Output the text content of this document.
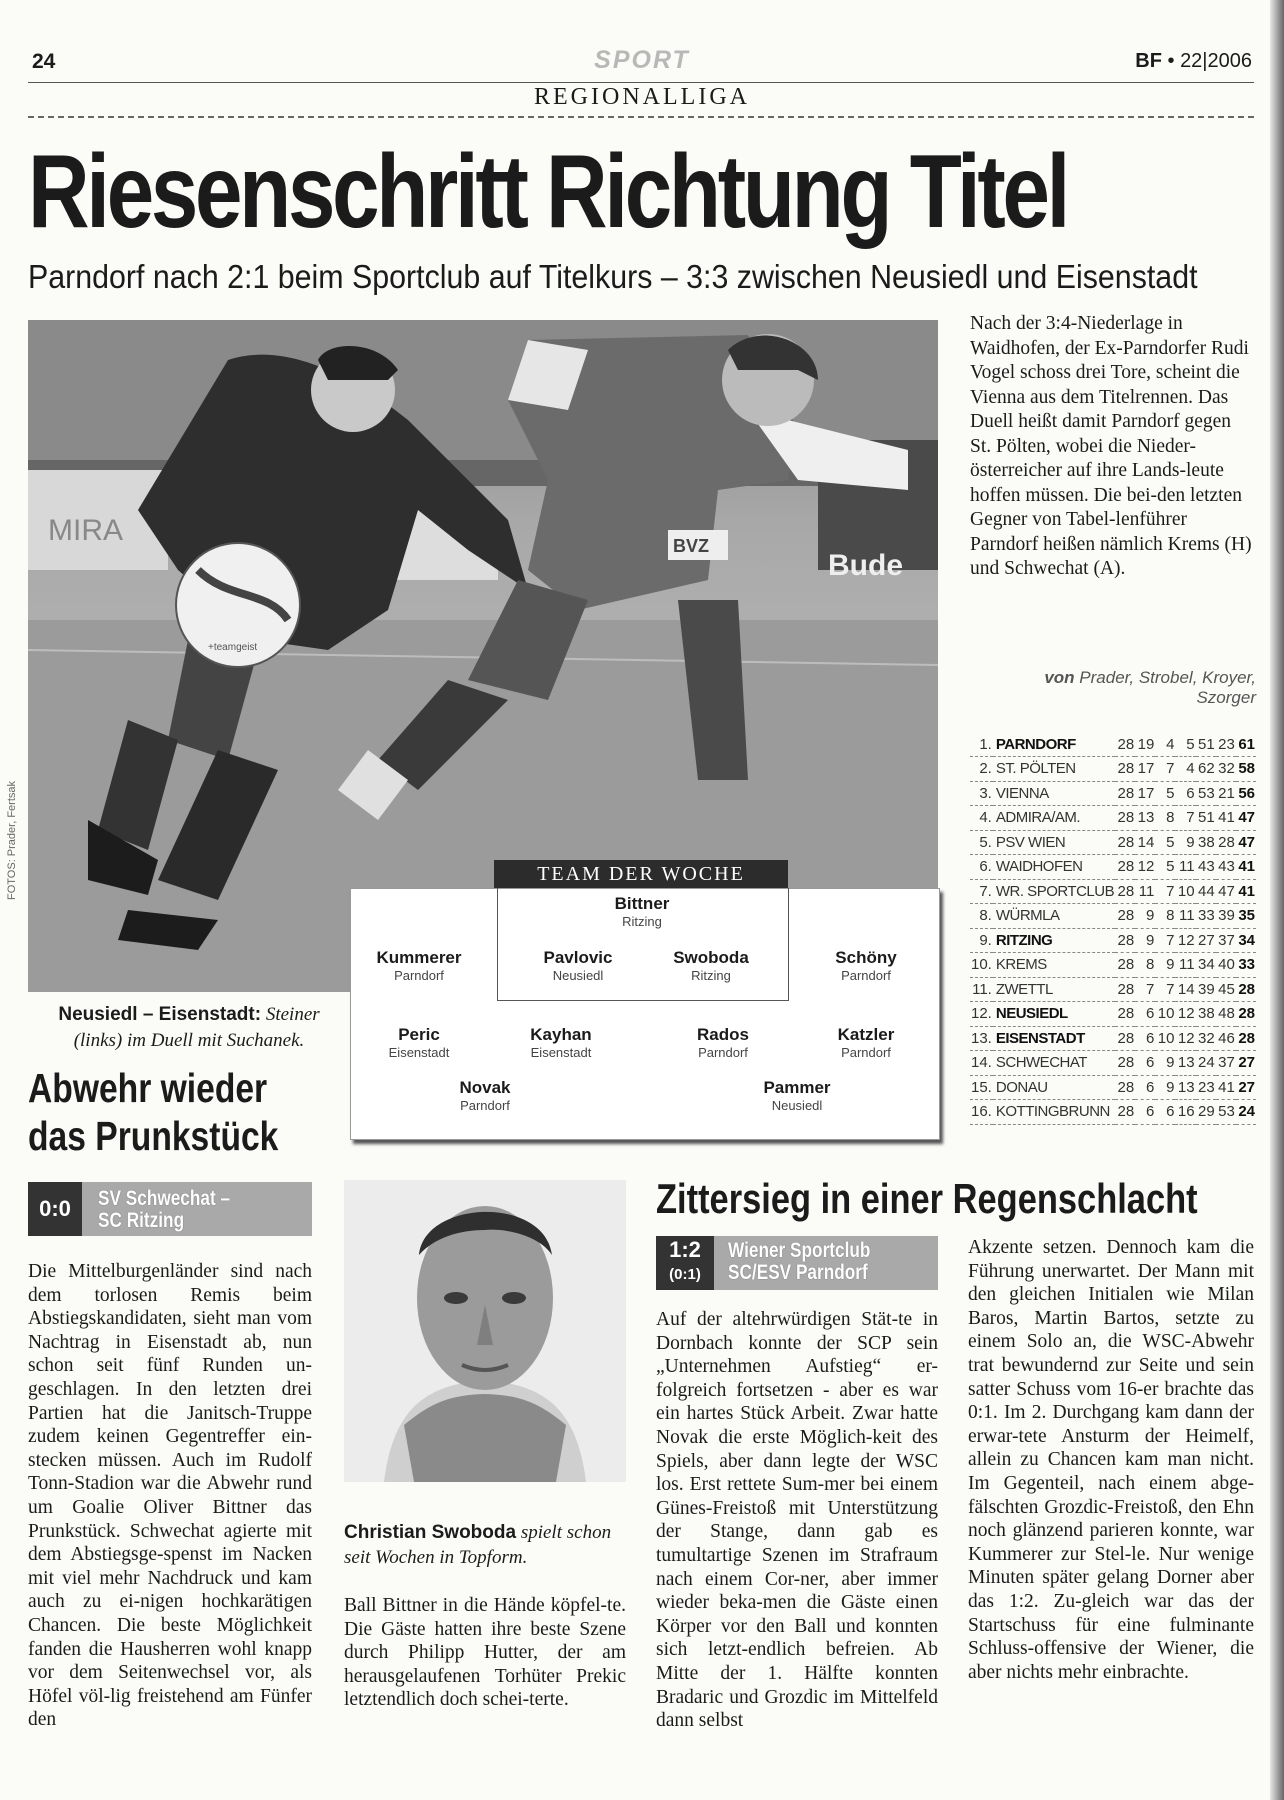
24	SPORT	BF • 22|2006
REGIONALLIGA
Riesenschritt Richtung Titel
Parndorf nach 2:1 beim Sportclub auf Titelkurs – 3:3 zwischen Neusiedl und Eisenstadt
MIRA
Bude
+teamgeist
BVZ
FOTOS: Prader, Fertsak
Neusiedl – Eisenstadt: Steiner (links) im Duell mit Suchanek.
Nach der 3:4-Niederlage in Waidhofen, der Ex-Parndorfer Rudi Vogel schoss drei Tore, scheint die Vienna aus dem Titelrennen. Das Duell heißt damit Parndorf gegen St. Pölten, wobei die Nieder-österreicher auf ihre Lands-leute hoffen müssen. Die bei-den letzten Gegner von Tabel-lenführer Parndorf heißen nämlich Krems (H) und Schwechat (A).
von Prader, Strobel, Kroyer, Szorger
1.	PARNDORF	28	19	4	5	51	23	61
2.	ST. PÖLTEN	28	17	7	4	62	32	58
3.	VIENNA	28	17	5	6	53	21	56
4.	ADMIRA/AM.	28	13	8	7	51	41	47
5.	PSV WIEN	28	14	5	9	38	28	47
6.	WAIDHOFEN	28	12	5	11	43	43	41
7.	WR. SPORTCLUB	28	11	7	10	44	47	41
8.	WÜRMLA	28	9	8	11	33	39	35
9.	RITZING	28	9	7	12	27	37	34
10.	KREMS	28	8	9	11	34	40	33
11.	ZWETTL	28	7	7	14	39	45	28
12.	NEUSIEDL	28	6	10	12	38	48	28
13.	EISENSTADT	28	6	10	12	32	46	28
14.	SCHWECHAT	28	6	9	13	24	37	27
15.	DONAU	28	6	9	13	23	41	27
16.	KOTTINGBRUNN	28	6	6	16	29	53	24
TEAM DER WOCHE
Bittner
Ritzing
Kummerer
Parndorf
Pavlovic
Neusiedl
Swoboda
Ritzing
Schöny
Parndorf
Peric
Eisenstadt
Kayhan
Eisenstadt
Rados
Parndorf
Katzler
Parndorf
Novak
Parndorf
Pammer
Neusiedl
Abwehr wieder
das Prunkstück
0:0	SV Schwechat –
SC Ritzing
Die Mittelburgenländer sind nach dem torlosen Remis beim Abstiegskandidaten, sieht man vom Nachtrag in Eisenstadt ab, nun schon seit fünf Runden un-geschlagen. In den letzten drei Partien hat die Janitsch-Truppe zudem keinen Gegentreffer ein-stecken müssen. Auch im Rudolf Tonn-Stadion war die Abwehr rund um Goalie Oliver Bittner das Prunkstück. Schwechat agierte mit dem Abstiegsge-spenst im Nacken mit viel mehr Nachdruck und kam auch zu ei-nigen hochkarätigen Chancen. Die beste Möglichkeit fanden die Hausherren wohl knapp vor dem Seitenwechsel vor, als Höfel völ-lig freistehend am Fünfer den
Christian Swoboda spielt schon seit Wochen in Topform.
Ball Bittner in die Hände köpfel-te. Die Gäste hatten ihre beste Szene durch Philipp Hutter, der am herausgelaufenen Torhüter Prekic letztendlich doch schei-terte.
Zittersieg in einer Regenschlacht
1:2
(0:1)
Wiener Sportclub
SC/ESV Parndorf
Auf der altehrwürdigen Stät-te in Dornbach konnte der SCP sein „Unternehmen Aufstieg“ er-folgreich fortsetzen - aber es war ein hartes Stück Arbeit. Zwar hatte Novak die erste Möglich-keit des Spiels, aber dann legte der WSC los. Erst rettete Sum-mer bei einem Günes-Freistoß mit Unterstützung der Stange, dann gab es tumultartige Szenen im Strafraum nach einem Cor-ner, aber immer wieder beka-men die Gäste einen Körper vor den Ball und konnten sich letzt-endlich befreien. Ab Mitte der 1. Hälfte konnten Bradaric und Grozdic im Mittelfeld dann selbst
Akzente setzen. Dennoch kam die Führung unerwartet. Der Mann mit den gleichen Initialen wie Milan Baros, Martin Bartos, setzte zu einem Solo an, die WSC-Abwehr trat bewundernd zur Seite und sein satter Schuss vom 16-er brachte das 0:1. Im 2. Durchgang kam dann der erwar-tete Ansturm der Heimelf, allein zu Chancen kam man nicht. Im Gegenteil, nach einem abge-fälschten Grozdic-Freistoß, den Ehn noch glänzend parieren konnte, war Kummerer zur Stel-le. Nur wenige Minuten später gelang Dorner aber das 1:2. Zu-gleich war das der Startschuss für eine fulminante Schluss-offensive der Wiener, die aber nichts mehr einbrachte.
